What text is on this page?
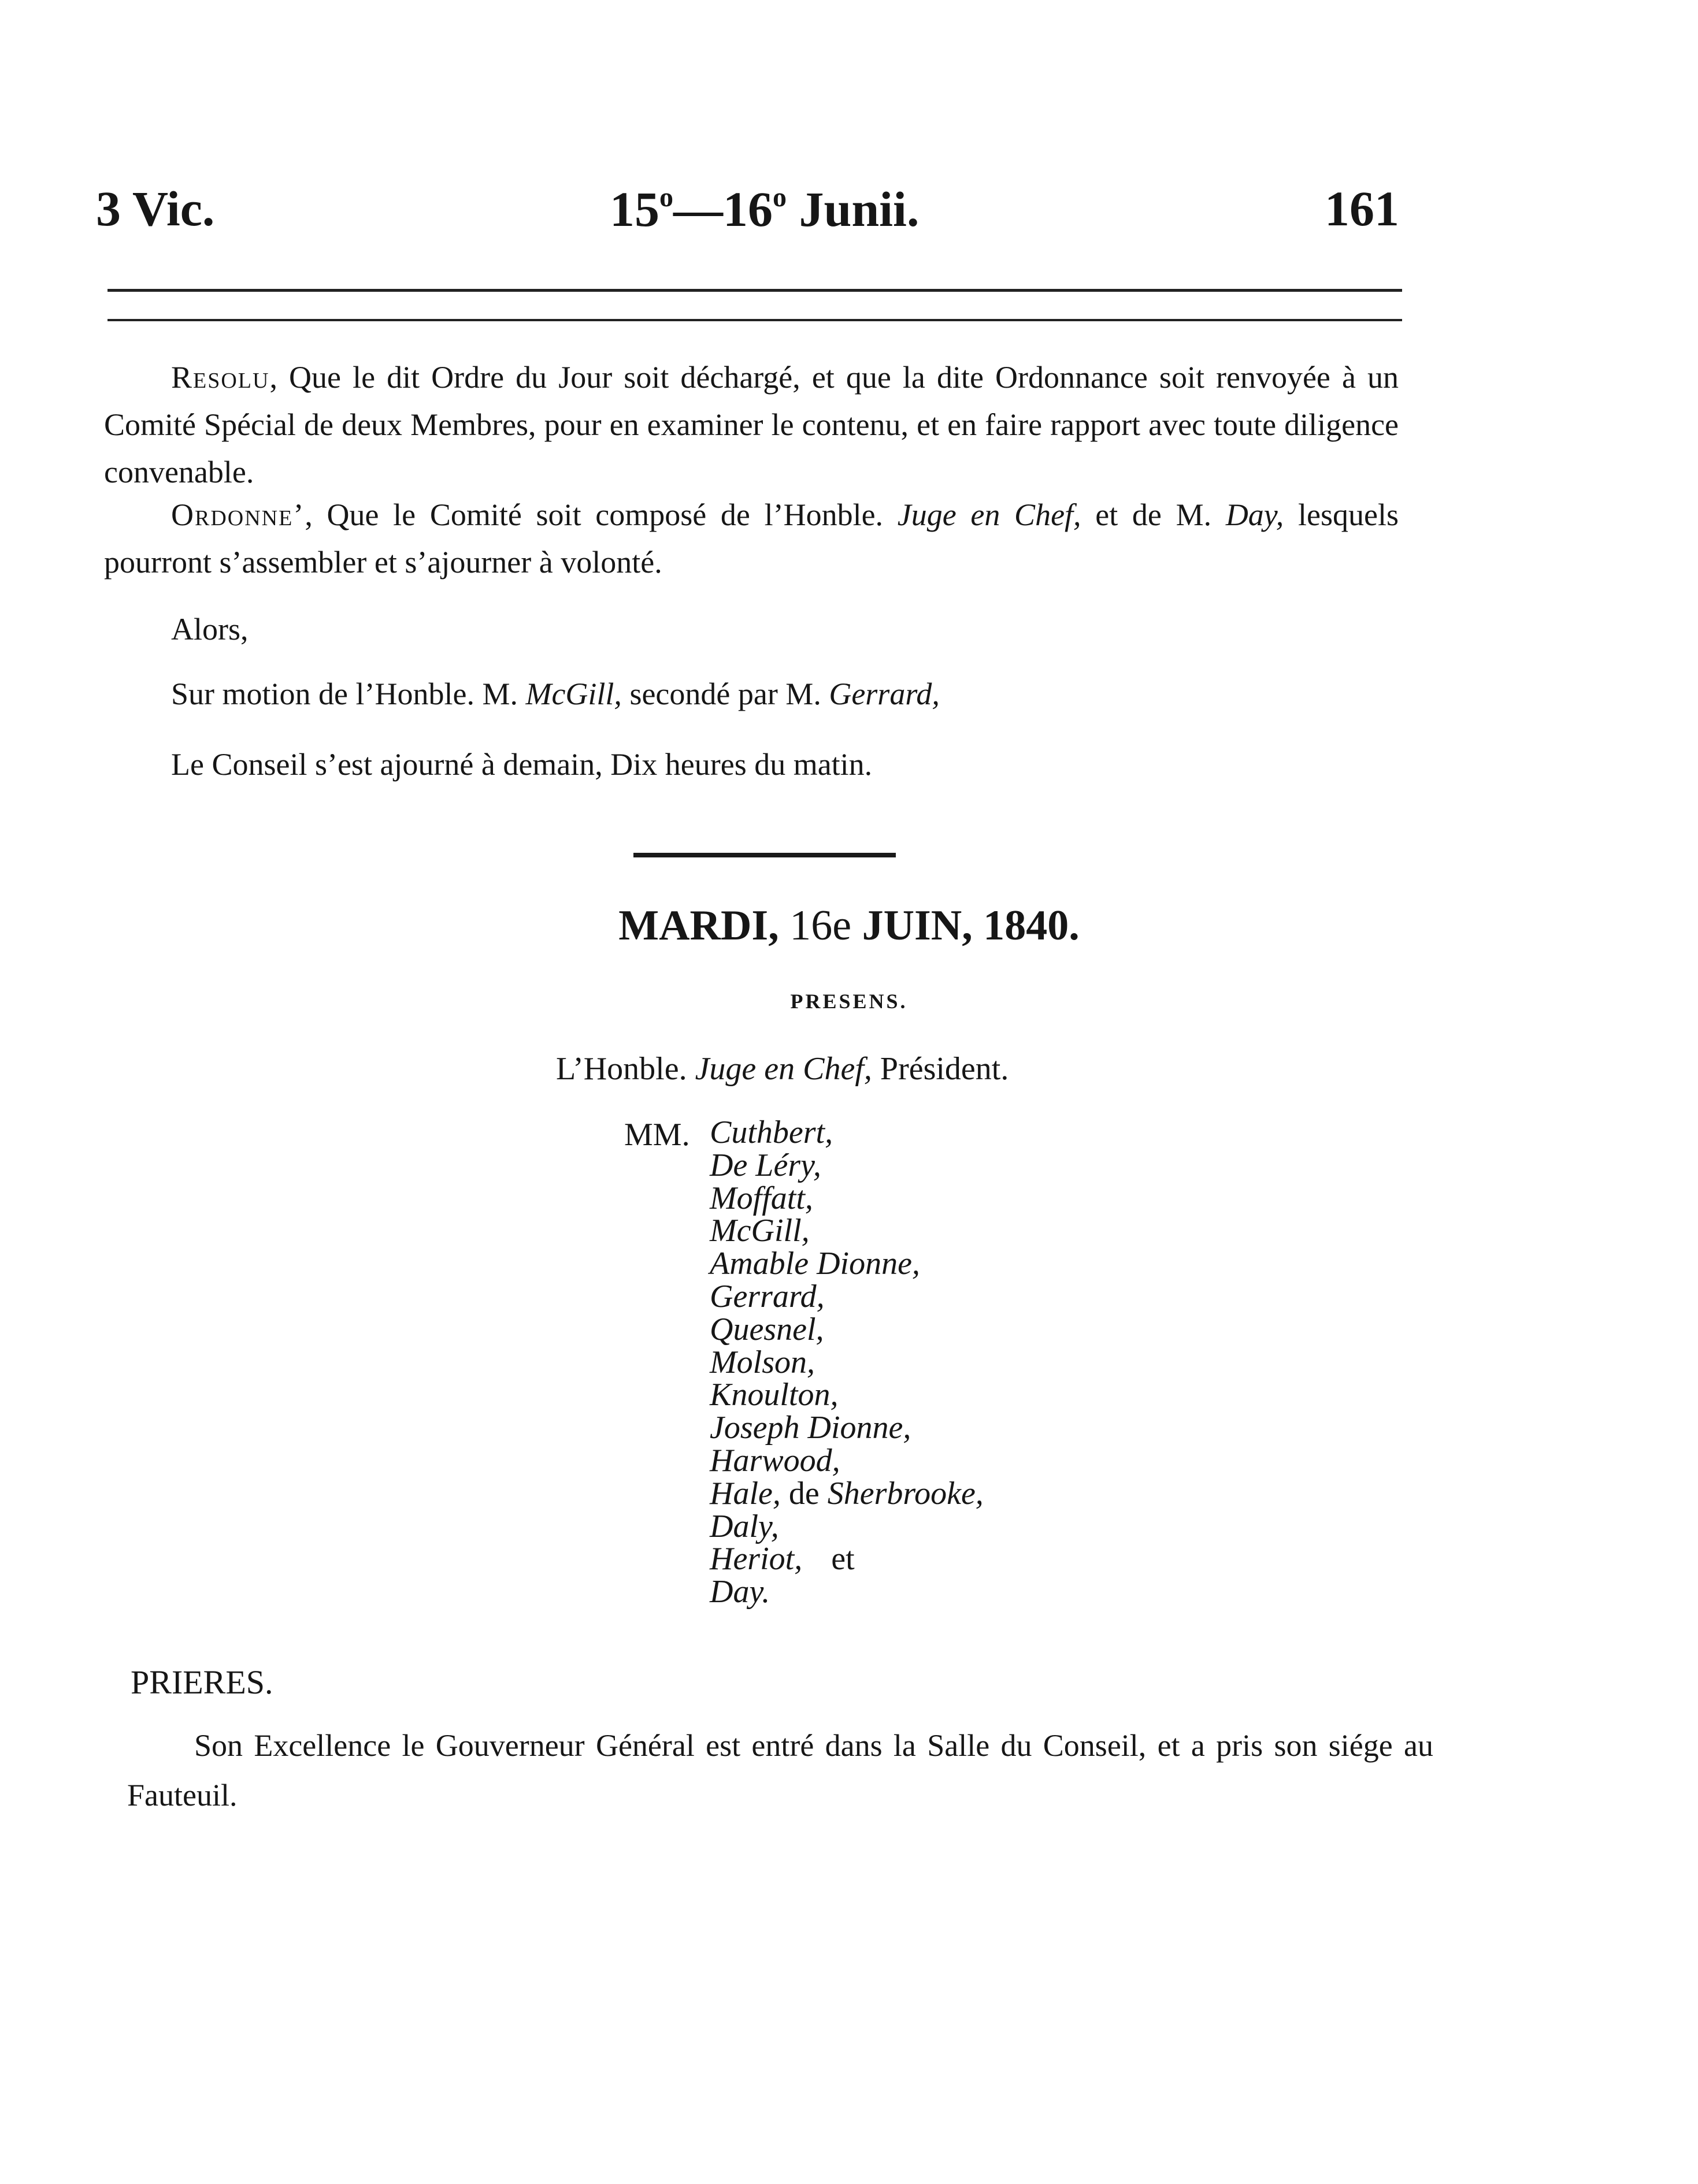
3 Vic.	15$^o$—16$^o$ Junii.	161
Resolu, Que le dit Ordre du Jour soit déchargé, et que la dite Ordonnance soit renvoyée à un Comité Spécial de deux Membres, pour en examiner le contenu, et en faire rapport avec toute diligence convenable.
Ordonne’, Que le Comité soit composé de l’Honble. Juge en Chef, et de M. Day, lesquels pourront s’assembler et s’ajourner à volonté.
Alors,
Sur motion de l’Honble. M. McGill, secondé par M. Gerrard,
Le Conseil s’est ajourné à demain, Dix heures du matin.
MARDI, 16e JUIN, 1840.
PRESENS.
L’Honble. Juge en Chef, Président.
MM. Cuthbert,
De Léry,
Moffatt,
McGill,
Amable Dionne,
Gerrard,
Quesnel,
Molson,
Knoulton,
Joseph Dionne,
Harwood,
Hale, de Sherbrooke,
Daly,
Heriot, et
Day.
PRIERES.
Son Excellence le Gouverneur Général est entré dans la Salle du Conseil, et a pris son siége au Fauteuil.
